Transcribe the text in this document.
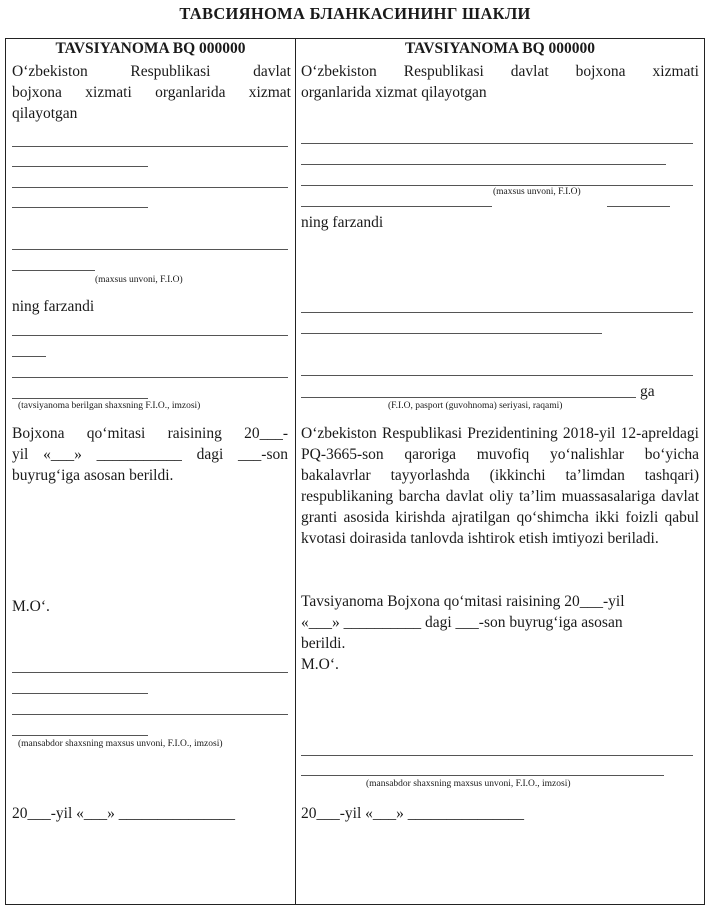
ТАВСИЯНОМА БЛАНКАСИНИНГ ШАКЛИ
TAVSIYANOMA BQ 000000
O‘zbekiston Respublikasi davlat
bojxona xizmati organlarida xizmat
qilayotgan
(maxsus unvoni, F.I.O)
ning farzandi
(tavsiyanoma berilgan shaxsning F.I.O., imzosi)
Bojxona qo‘mitasi raisining 20___-
yil «___» ___________ dagi ___-son
buyrug‘iga asosan berildi.
M.O‘.
(mansabdor shaxsning maxsus unvoni, F.I.O., imzosi)
20___-yil «___» _______________
TAVSIYANOMA BQ 000000
O‘zbekiston Respublikasi davlat bojxona xizmati
organlarida xizmat qilayotgan
(maxsus unvoni, F.I.O)
ning farzandi
ga
(F.I.O, pasport (guvohnoma) seriyasi, raqami)
O‘zbekiston Respublikasi Prezidentining 2018-yil 12-apreldagi PQ-3665-son qaroriga muvofiq yo‘nalishlar bo‘yicha bakalavrlar tayyorlashda (ikkinchi ta’limdan tashqari) respublikaning barcha davlat oliy ta’lim muassasalariga davlat granti asosida kirishda ajratilgan qo‘shimcha ikki foizli qabul kvotasi doirasida tanlovda ishtirok etish imtiyozi beriladi.
Tavsiyanoma Bojxona qo‘mitasi raisining 20___-yil
«___» __________ dagi ___-son buyrug‘iga asosan
berildi.
M.O‘.
(mansabdor shaxsning maxsus unvoni, F.I.O., imzosi)
20___-yil «___» _______________
